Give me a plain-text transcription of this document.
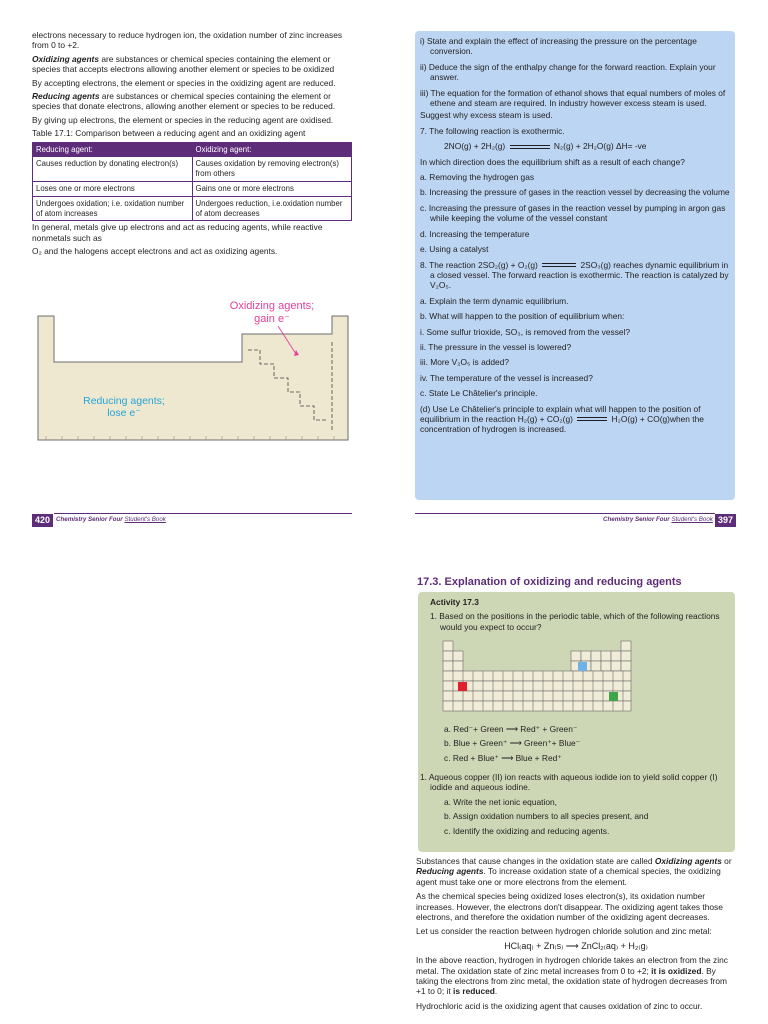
electrons necessary to reduce hydrogen ion, the oxidation number of zinc increases from 0 to +2.

Oxidizing agents are substances or chemical species containing the element or species that accepts electrons allowing another element or species to be oxidized

By accepting electrons, the element or species in the oxidizing agent are reduced.

Reducing agents are substances or chemical species containing the element or species that donate electrons, allowing another element or species to be reduced.

By giving up electrons, the element or species in the reducing agent are oxidised.

Table 17.1: Comparison between a reducing agent and an oxidizing agent

Reducing agent:	Oxidizing agent:
Causes reduction by donating electron(s)	Causes oxidation by removing electron(s) from others
Loses one or more electrons	Gains one or more electrons
Undergoes oxidation; i.e. oxidation number of atom increases	Undergoes reduction, i.e.oxidation number of atom decreases

In general, metals give up electrons and act as reducing agents, while reactive nonmetals such as

O₂ and the halogens accept electrons and act as oxidizing agents.

Oxidizing agents;
gain e⁻
Reducing agents;
lose e⁻
420 Chemistry Senior Four Student's Book

i) State and explain the effect of increasing the pressure on the percentage conversion.

ii) Deduce the sign of the enthalpy change for the forward reaction. Explain your answer.

iii) The equation for the formation of ethanol shows that equal numbers of moles of ethene and steam are required. In industry however excess steam is used.

Suggest why excess steam is used.

7. The following reaction is exothermic.

2NO(g) + 2H₂(g)	N₂(g) + 2H₂O(g) ΔH= -ve

In which direction does the equilibrium shift as a result of each change?

a. Removing the hydrogen gas

b. Increasing the pressure of gases in the reaction vessel by decreasing the volume

c. Increasing the pressure of gases in the reaction vessel by pumping in argon gas while keeping the volume of the vessel constant

d. Increasing the temperature

e. Using a catalyst

8. The reaction 2SO₂(g) + O₂(g)	2SO₃(g) reaches dynamic equilibrium in a closed vessel. The forward reaction is exothermic. The reaction is catalyzed by V₂O₅.

a. Explain the term dynamic equilibrium.

b. What will happen to the position of equilibrium when:

i. Some sulfur trioxide, SO₃, is removed from the vessel?

ii. The pressure in the vessel is lowered?

iii. More V₂O₅ is added?

iv. The temperature of the vessel is increased?

c. State Le Châtelier's principle.

(d) Use Le Châtelier's principle to explain what will happen to the position of equilibrium in the reaction H₂(g) + CO₂(g)	H₂O(g) + CO(g)when the concentration of hydrogen is increased.

Chemistry Senior Four Student's Book 397
17.3. Explanation of oxidizing and reducing agents

Activity 17.3

1. Based on the positions in the periodic table, which of the following reactions would you expect to occur?

a. Red⁻+ Green ⟶ Red⁺ + Green⁻

b. Blue + Green⁺ ⟶ Green⁺+ Blue⁻

c. Red + Blue⁺ ⟶ Blue + Red⁺

1. Aqueous copper (II) ion reacts with aqueous iodide ion to yield solid copper (I) iodide and aqueous iodine.

a. Write the net ionic equation,

b. Assign oxidation numbers to all species present, and

c. Identify the oxidizing and reducing agents.

Substances that cause changes in the oxidation state are called Oxidizing agents or Reducing agents. To increase oxidation state of a chemical species, the oxidizing agent must take one or more electrons from the element.

As the chemical species being oxidized loses electron(s), its oxidation number increases. However, the electrons don't disappear. The oxidizing agent takes those electrons, and therefore the oxidation number of the oxidizing agent decreases.

Let us consider the reaction between hydrogen chloride solution and zinc metal:

HCl₍aq₎ + Zn₍s₎ ⟶ ZnCl₂₍aq₎ + H₂₍g₎

In the above reaction, hydrogen in hydrogen chloride takes an electron from the zinc metal. The oxidation state of zinc metal increases from 0 to +2; it is oxidized. By taking the electrons from zinc metal, the oxidation state of hydrogen decreases from +1 to 0; it is reduced.

Hydrochloric acid is the oxidizing agent that causes oxidation of zinc to occur.
